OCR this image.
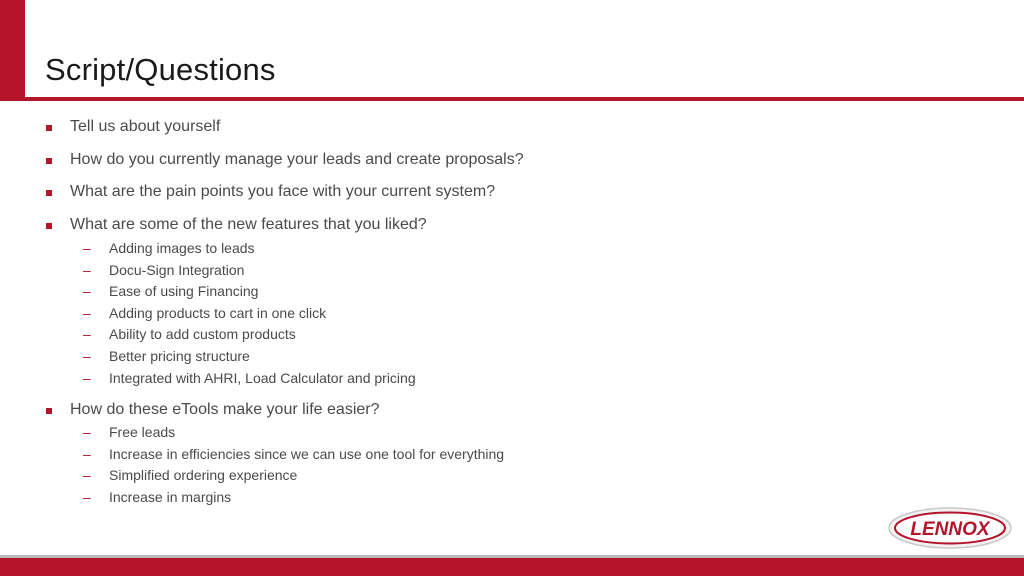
Script/Questions
Tell us about yourself
How do you currently manage your leads and create proposals?
What are the pain points you face with your current system?
What are some of the new features that you liked?
– Adding images to leads
– Docu-Sign Integration
– Ease of using Financing
– Adding products to cart in one click
– Ability to add custom products
– Better pricing structure
– Integrated with AHRI, Load Calculator and pricing
How do these eTools make your life easier?
– Free leads
– Increase in efficiencies since we can use one tool for everything
– Simplified ordering experience
– Increase in margins
LENNOX
